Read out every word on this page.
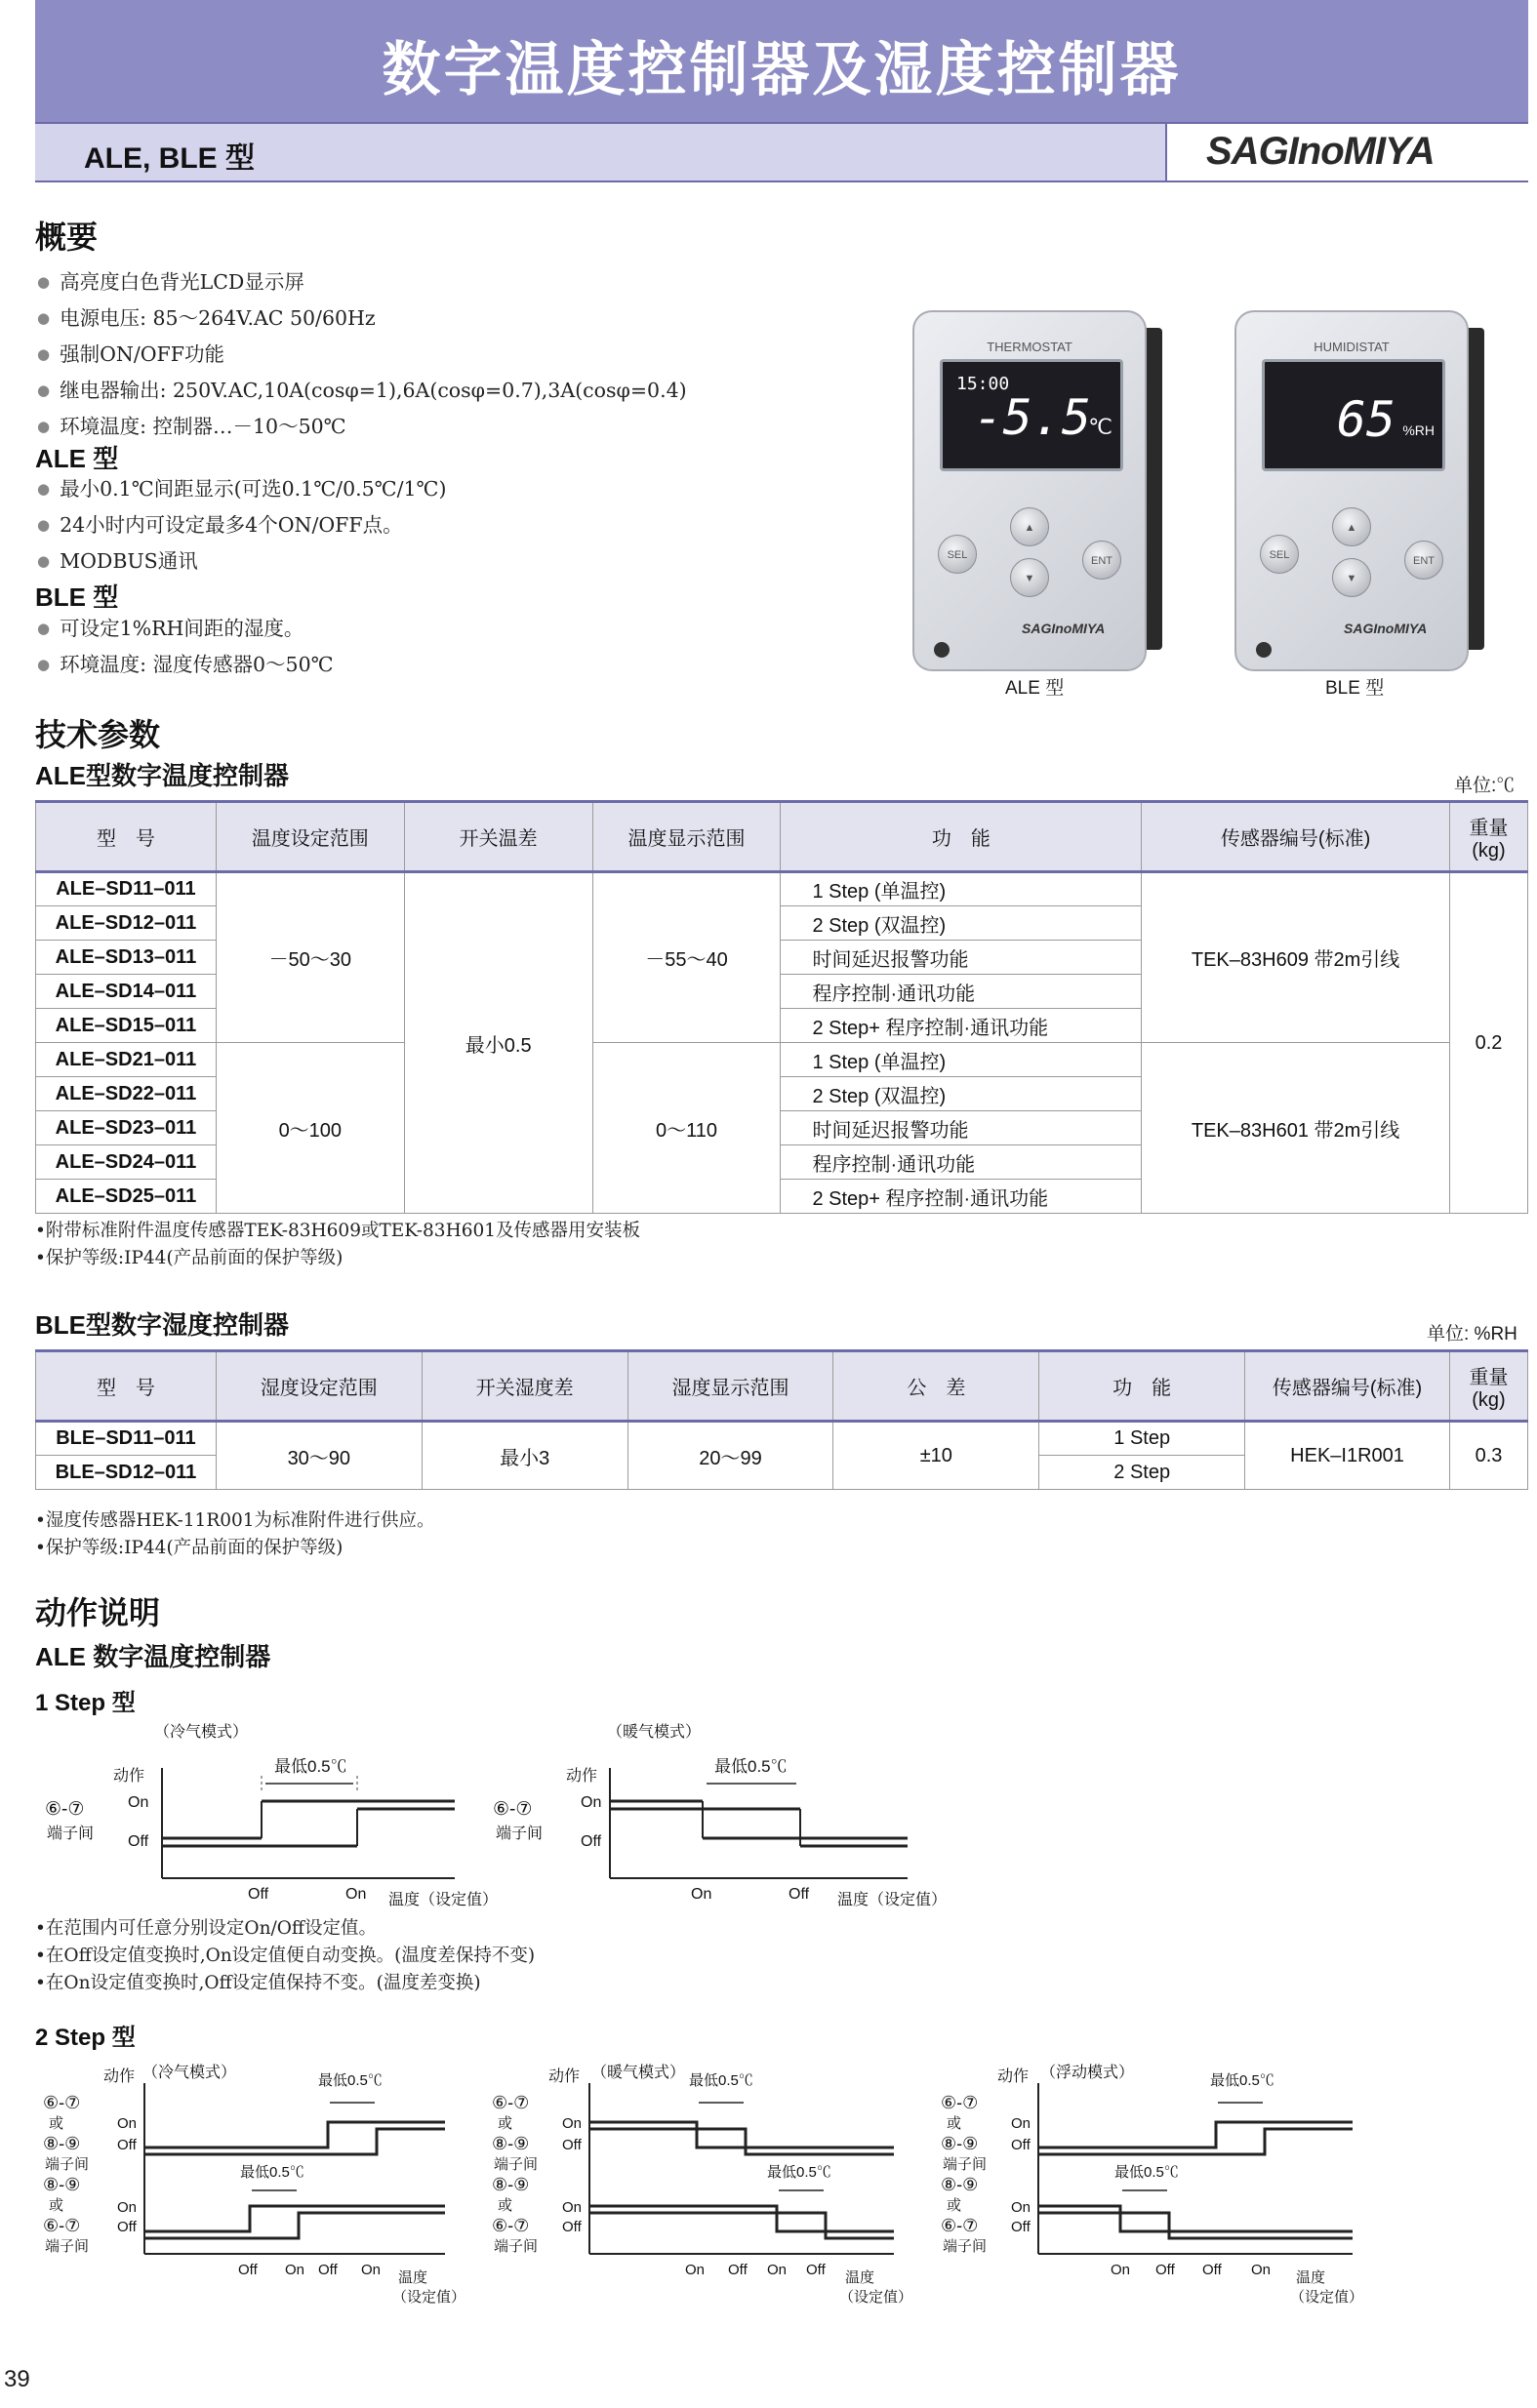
数字温度控制器及湿度控制器
ALE, BLE 型	SAGInoMIYA
概要
● 高亮度白色背光LCD显示屏
● 电源电压: 85～264V.AC 50/60Hz
● 强制ON/OFF功能
● 继电器输出: 250V.AC,10A(cosφ=1),6A(cosφ=0.7),3A(cosφ=0.4)
● 环境温度: 控制器…－10～50℃
ALE 型
● 最小0.1℃间距显示(可选0.1℃/0.5℃/1℃)
● 24小时内可设定最多4个ON/OFF点。
● MODBUS通讯
BLE 型
● 可设定1%RH间距的湿度。
● 环境温度: 湿度传感器0～50℃
THERMOSTAT
15:00
-5.5
℃
SEL
▲
▼
ENT
SAGInoMIYA
ALE 型
HUMIDISTAT
65 %RH
SEL
▲
▼
ENT
SAGInoMIYA
BLE 型
技术参数
ALE型数字温度控制器	单位:℃
型　号	温度设定范围	开关温差	温度显示范围	功　能	传感器编号(标准)	重量
(kg)
ALE–SD11–011	－50～30	最小0.5	－55～40	1 Step (单温控)	TEK–83H609 带2m引线	0.2
ALE–SD12–011				2 Step (双温控)		
ALE–SD13–011				时间延迟报警功能		
ALE–SD14–011				程序控制·通讯功能		
ALE–SD15–011				2 Step+ 程序控制·通讯功能		
ALE–SD21–011	0～100		0～110	1 Step (单温控)	TEK–83H601 带2m引线	
ALE–SD22–011				2 Step (双温控)		
ALE–SD23–011				时间延迟报警功能		
ALE–SD24–011				程序控制·通讯功能		
ALE–SD25–011				2 Step+ 程序控制·通讯功能		
•附带标准附件温度传感器TEK-83H609或TEK-83H601及传感器用安装板
•保护等级:IP44(产品前面的保护等级)
BLE型数字湿度控制器	单位: %RH
型　号	湿度设定范围	开关湿度差	湿度显示范围	公　差	功　能	传感器编号(标准)	重量
(kg)
BLE–SD11–011	30～90	最小3	20～99	±10	1 Step	HEK–I1R001	0.3
BLE–SD12–011					2 Step		
•湿度传感器HEK-11R001为标准附件进行供应。
•保护等级:IP44(产品前面的保护等级)
动作说明
ALE 数字温度控制器
1 Step 型
（冷气模式）
动作
On
Off
⑥-⑦
端子间
最低0.5℃
Off	On 温度（设定值）
（暖气模式）
动作
On
Off
⑥-⑦
端子间
最低0.5℃
On	Off 温度（设定值）
•在范围内可任意分别设定On/Off设定值。
•在Off设定值变换时,On设定值便自动变换。(温度差保持不变)
•在On设定值变换时,Off设定值保持不变。(温度差变换)
2 Step 型
动作 （冷气模式）	最低0.5℃
⑥-⑦
或
⑧-⑨
端子间
On
Off
最低0.5℃
⑧-⑨
或
⑥-⑦
端子间
On
Off
Off On Off On 温度
（设定值）
动作 （暖气模式） 最低0.5℃
⑥-⑦
或
⑧-⑨
端子间
On
Off
最低0.5℃
⑧-⑨
或
⑥-⑦
端子间
On
Off
On Off On Off 温度
（设定值）
动作 （浮动模式）	最低0.5℃
⑥-⑦
或
⑧-⑨
端子间
On
Off
最低0.5℃
⑧-⑨
或
⑥-⑦
端子间
On
Off
On Off Off On 温度
（设定值）
39
